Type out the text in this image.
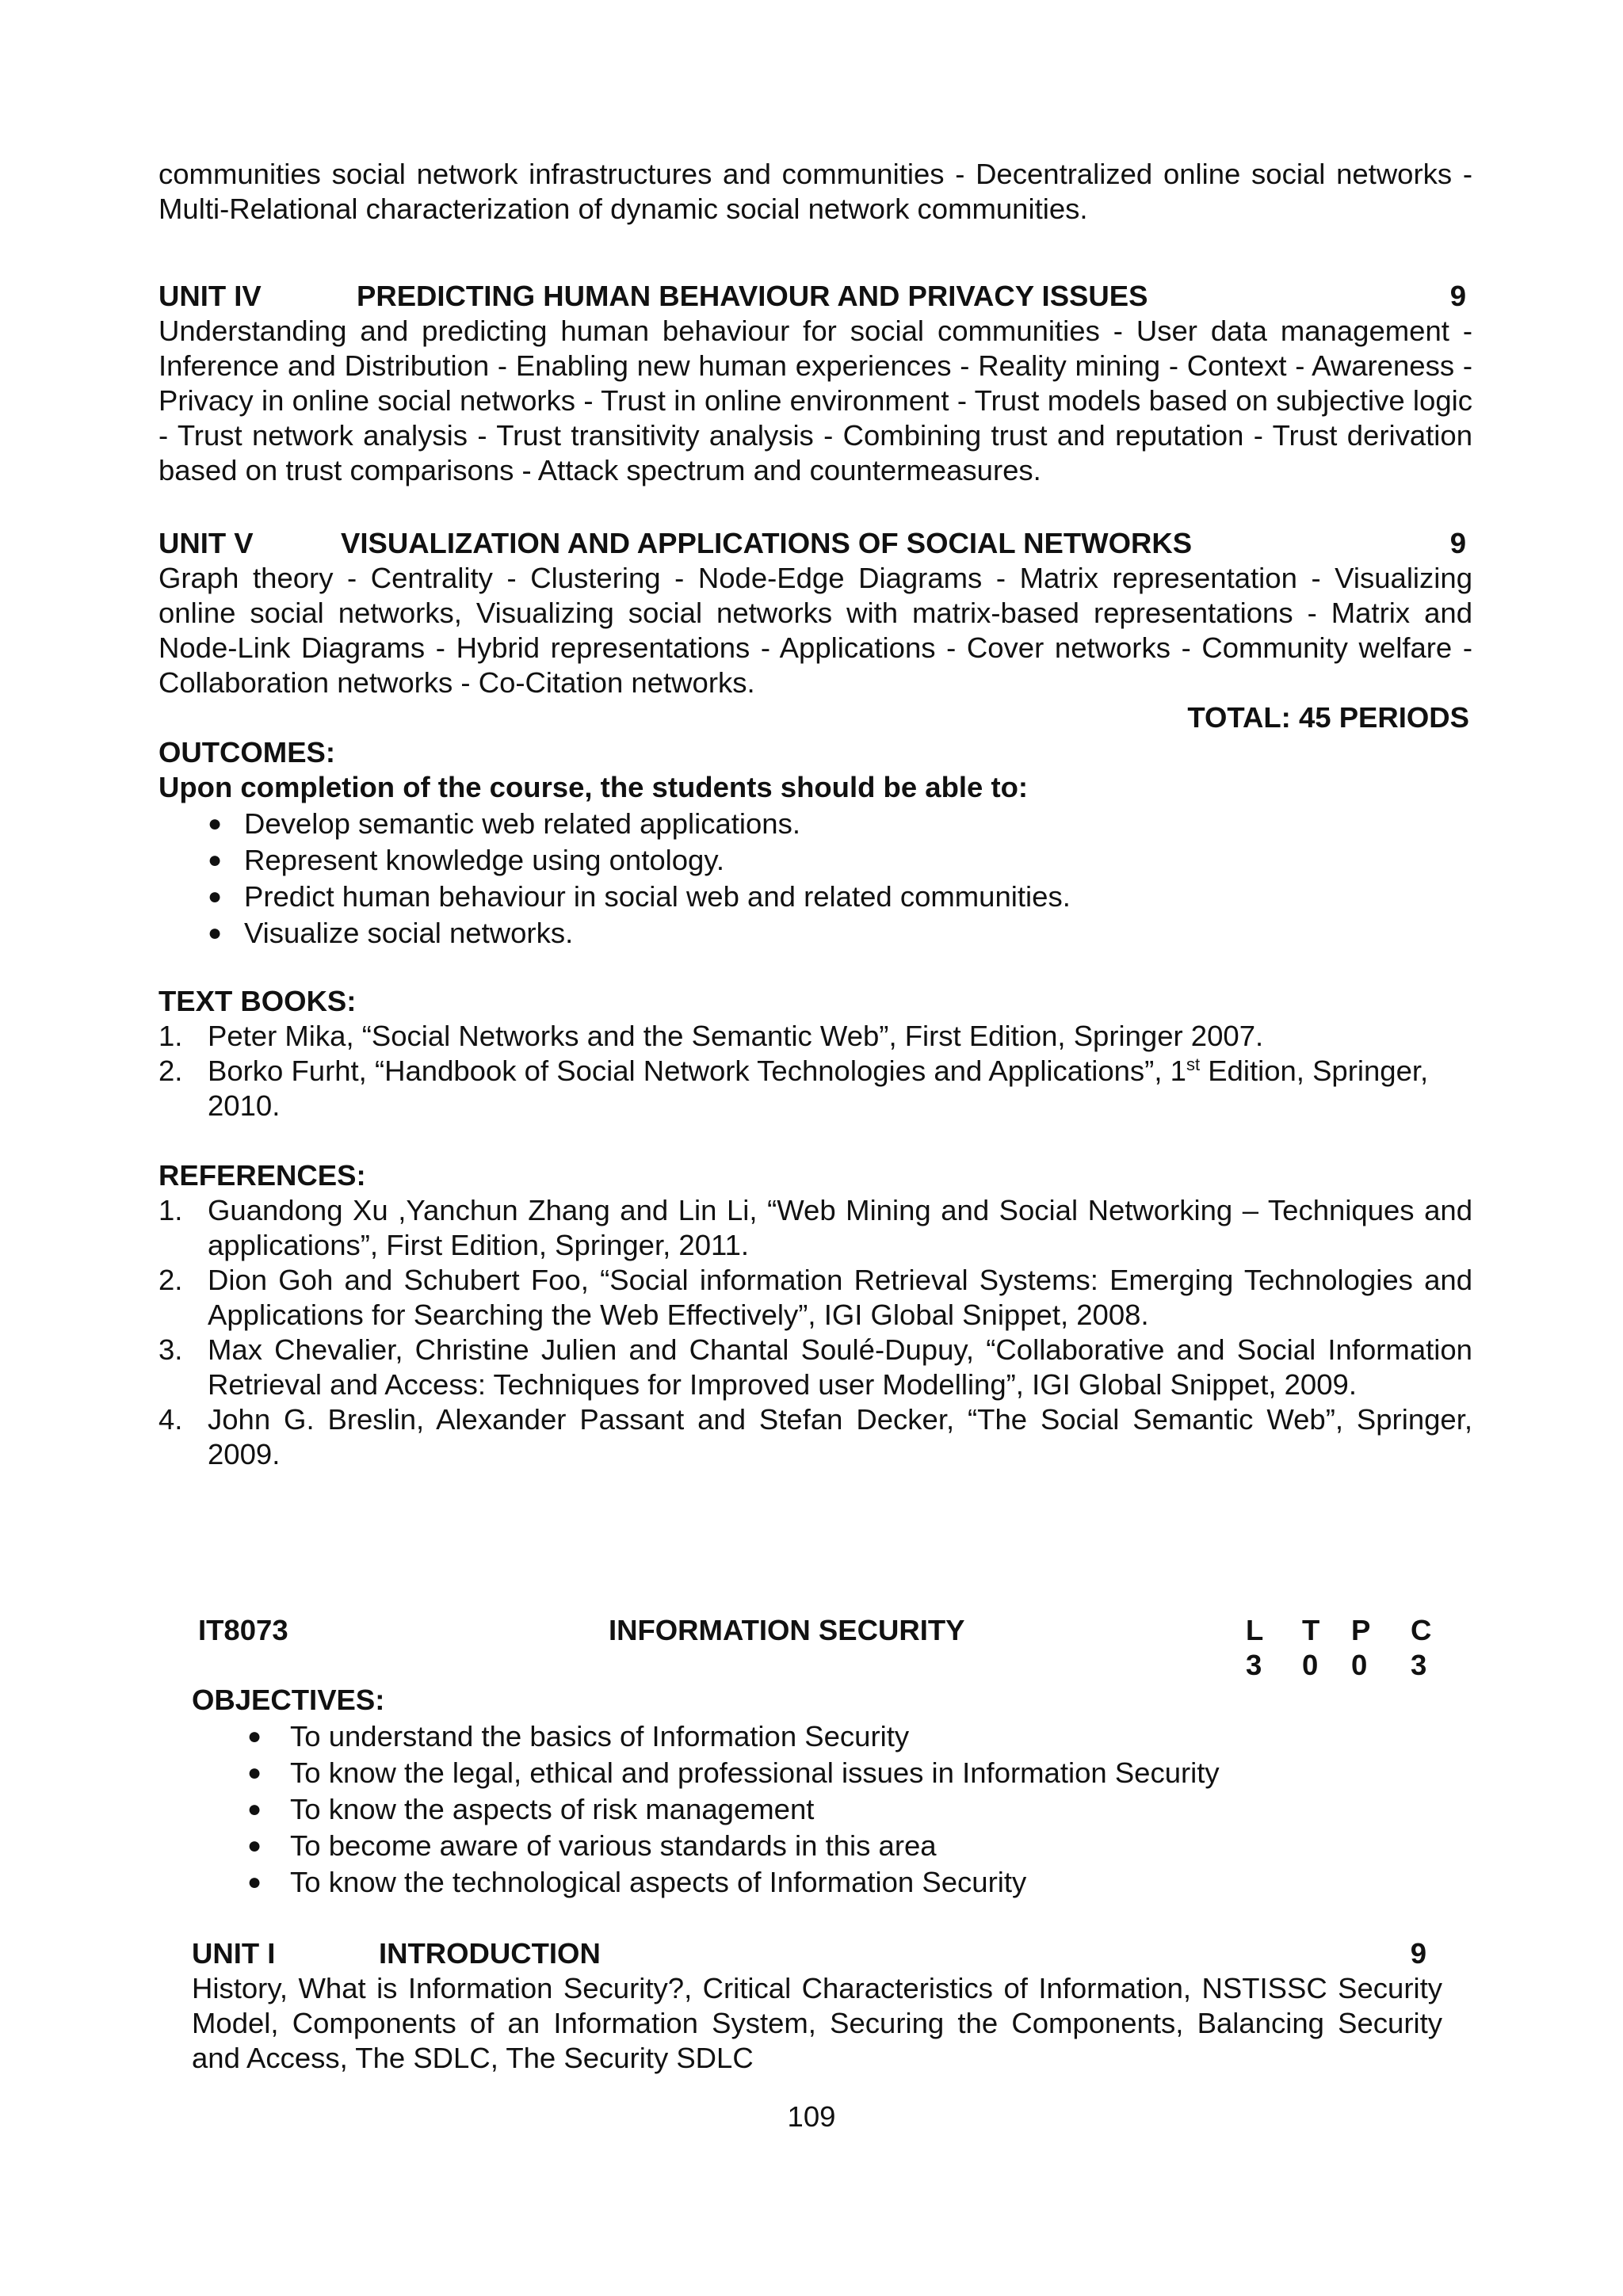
communities social network infrastructures and communities - Decentralized online social networks - Multi-Relational characterization of dynamic social network communities.

UNIT IV	PREDICTING HUMAN BEHAVIOUR AND PRIVACY ISSUES	9

Understanding and predicting human behaviour for social communities - User data management - Inference and Distribution - Enabling new human experiences - Reality mining - Context - Awareness - Privacy in online social networks - Trust in online environment - Trust models based on subjective logic - Trust network analysis - Trust transitivity analysis - Combining trust and reputation - Trust derivation based on trust comparisons - Attack spectrum and countermeasures.

UNIT V	VISUALIZATION AND APPLICATIONS OF SOCIAL NETWORKS	9

Graph theory - Centrality - Clustering - Node-Edge Diagrams - Matrix representation - Visualizing online social networks, Visualizing social networks with matrix-based representations - Matrix and Node-Link Diagrams - Hybrid representations - Applications - Cover networks - Community welfare - Collaboration networks - Co-Citation networks.

TOTAL: 45 PERIODS

OUTCOMES:

Upon completion of the course, the students should be able to:

● Develop semantic web related applications.
● Represent knowledge using ontology.
● Predict human behaviour in social web and related communities.
● Visualize social networks.

TEXT BOOKS:

1. Peter Mika, “Social Networks and the Semantic Web”, First Edition, Springer 2007.
2. Borko Furht, “Handbook of Social Network Technologies and Applications”, 1st Edition, Springer, 2010.

REFERENCES:

1. Guandong Xu ,Yanchun Zhang and Lin Li, “Web Mining and Social Networking – Techniques and applications”, First Edition, Springer, 2011.
2. Dion Goh and Schubert Foo, “Social information Retrieval Systems: Emerging Technologies and Applications for Searching the Web Effectively”, IGI Global Snippet, 2008.
3. Max Chevalier, Christine Julien and Chantal Soulé-Dupuy, “Collaborative and Social Information Retrieval and Access: Techniques for Improved user Modelling”, IGI Global Snippet, 2009.
4. John G. Breslin, Alexander Passant and Stefan Decker, “The Social Semantic Web”, Springer, 2009.
IT8073	INFORMATION SECURITY	L T P C
3 0 0 3

OBJECTIVES:

● To understand the basics of Information Security
● To know the legal, ethical and professional issues in Information Security
● To know the aspects of risk management
● To become aware of various standards in this area
● To know the technological aspects of Information Security
UNIT I	INTRODUCTION	9

History, What is Information Security?, Critical Characteristics of Information, NSTISSC Security Model, Components of an Information System, Securing the Components, Balancing Security and Access, The SDLC, The Security SDLC

109
